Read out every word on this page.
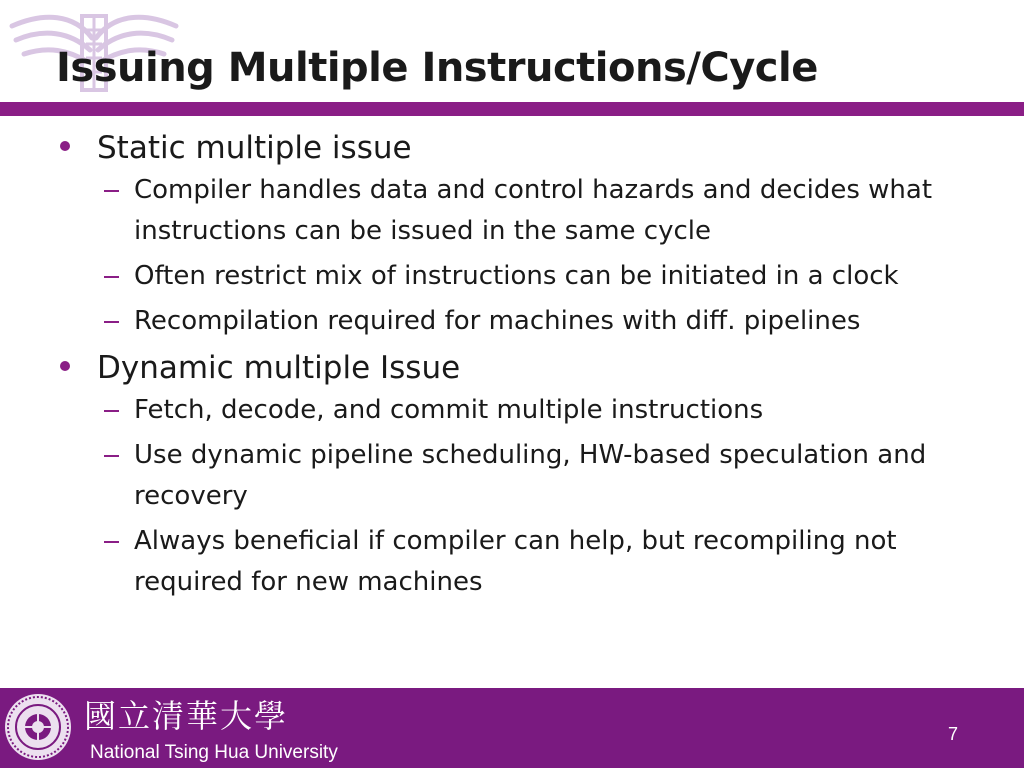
Issuing Multiple Instructions/Cycle
Static multiple issue
Compiler handles data and control hazards and decides what instructions can be issued in the same cycle
Often restrict mix of instructions can be initiated in a clock
Recompilation required for machines with diff. pipelines
Dynamic multiple Issue
Fetch, decode, and commit multiple instructions
Use dynamic pipeline scheduling, HW-based speculation and recovery
Always beneficial if compiler can help, but recompiling not required for new machines
國立清華大學
National Tsing Hua University
7
